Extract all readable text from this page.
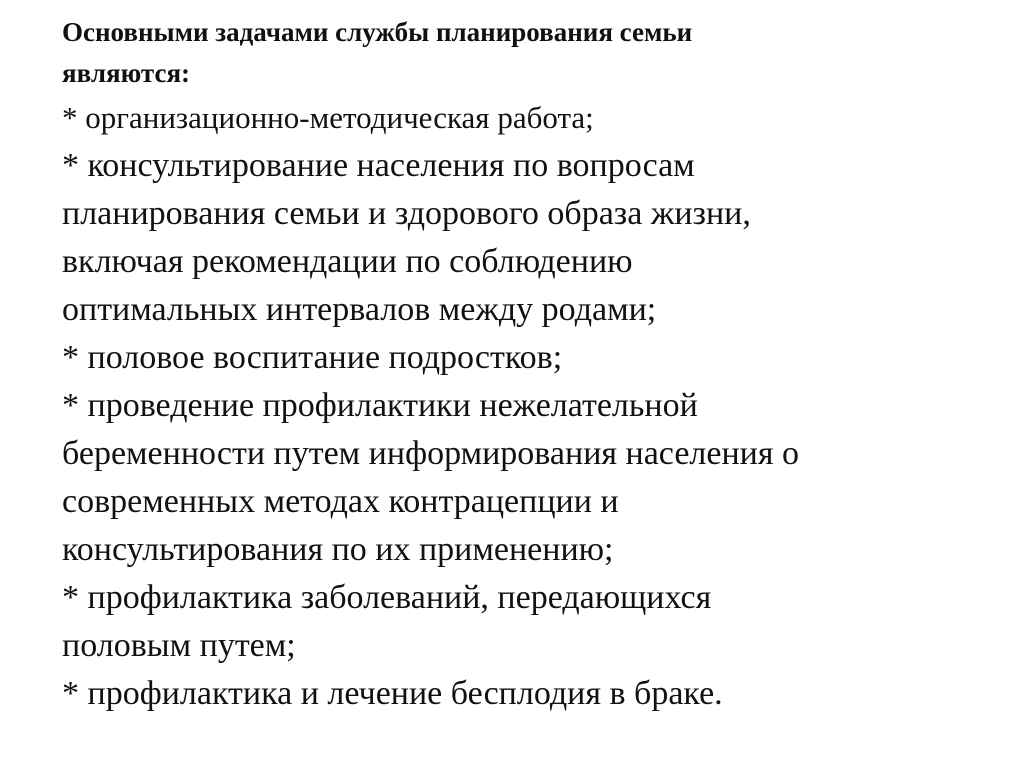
Основными задачами службы планирования семьи
являются:
* организационно-методическая работа;
* консультирование населения по вопросам
планирования семьи и здорового образа жизни,
включая рекомендации по соблюдению
оптимальных интервалов между родами;
* половое воспитание подростков;
* проведение профилактики нежелательной
беременности путем информирования населения о
современных методах контрацепции и
консультирования по их применению;
* профилактика заболеваний, передающихся
половым путем;
* профилактика и лечение бесплодия в браке.
